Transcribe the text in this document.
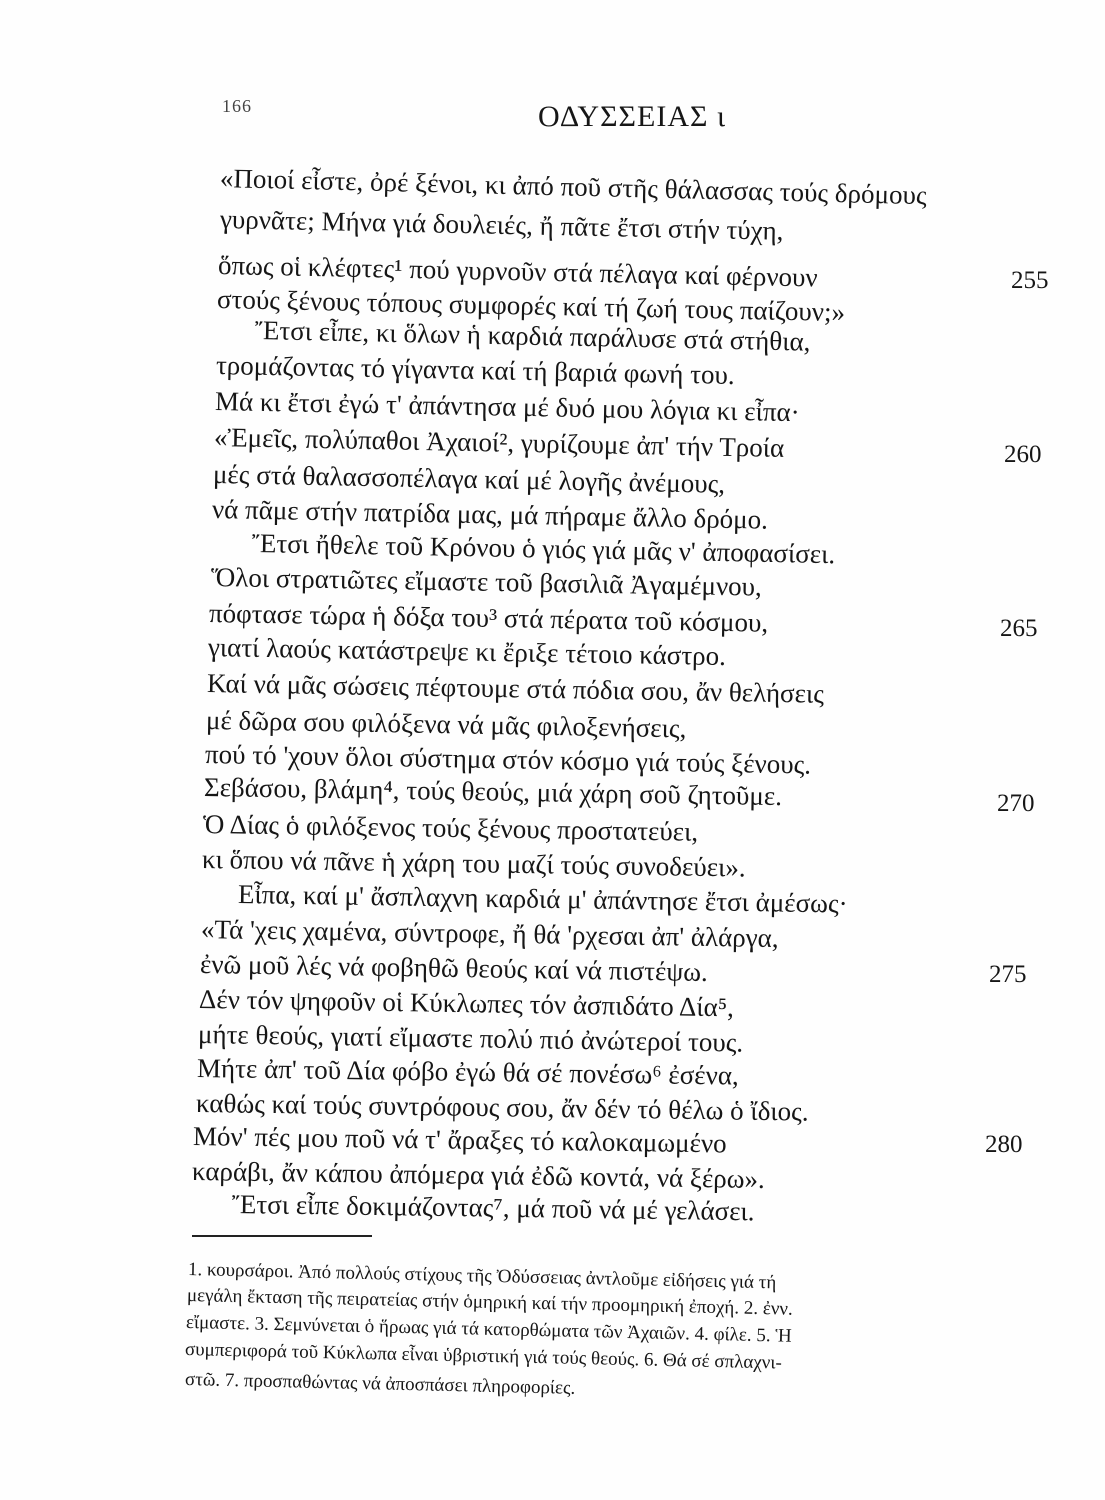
166	ΟΔΥΣΣΕΙΑΣ ι
«Ποιοί εἶστε, ὀρέ ξένοι, κι ἀπό ποῦ στῆς θάλασσας τούς δρόμους
γυρνᾶτε; Μήνα γιά δουλειές, ἤ πᾶτε ἔτσι στήν τύχη,
ὅπως οἱ κλέφτες¹ πού γυρνοῦν στά πέλαγα καί φέρνουν
στούς ξένους τόπους συμφορές καί τή ζωή τους παίζουν;»
Ἔτσι εἶπε, κι ὅλων ἡ καρδιά παράλυσε στά στήθια,
τρομάζοντας τό γίγαντα καί τή βαριά φωνή του.
Μά κι ἔτσι ἐγώ τ' ἀπάντησα μέ δυό μου λόγια κι εἶπα·
«Ἐμεῖς, πολύπαθοι Ἀχαιοί², γυρίζουμε ἀπ' τήν Τροία
μές στά θαλασσοπέλαγα καί μέ λογῆς ἀνέμους,
νά πᾶμε στήν πατρίδα μας, μά πήραμε ἄλλο δρόμο.
Ἔτσι ἤθελε τοῦ Κρόνου ὁ γιός γιά μᾶς ν' ἀποφασίσει.
Ὅλοι στρατιῶτες εἴμαστε τοῦ βασιλιᾶ Ἀγαμέμνου,
πόφτασε τώρα ἡ δόξα του³ στά πέρατα τοῦ κόσμου,
γιατί λαούς κατάστρεψε κι ἔριξε τέτοιο κάστρο.
Καί νά μᾶς σώσεις πέφτουμε στά πόδια σου, ἄν θελήσεις
μέ δῶρα σου φιλόξενα νά μᾶς φιλοξενήσεις,
πού τό 'χουν ὅλοι σύστημα στόν κόσμο γιά τούς ξένους.
Σεβάσου, βλάμη⁴, τούς θεούς, μιά χάρη σοῦ ζητοῦμε.
Ὁ Δίας ὁ φιλόξενος τούς ξένους προστατεύει,
κι ὅπου νά πᾶνε ἡ χάρη του μαζί τούς συνοδεύει».
Εἶπα, καί μ' ἄσπλαχνη καρδιά μ' ἀπάντησε ἔτσι ἀμέσως·
«Τά 'χεις χαμένα, σύντροφε, ἤ θά 'ρχεσαι ἀπ' ἀλάργα,
ἐνῶ μοῦ λές νά φοβηθῶ θεούς καί νά πιστέψω.
Δέν τόν ψηφοῦν οἱ Κύκλωπες τόν ἀσπιδάτο Δία⁵,
μήτε θεούς, γιατί εἴμαστε πολύ πιό ἀνώτεροί τους.
Μήτε ἀπ' τοῦ Δία φόβο ἐγώ θά σέ πονέσω⁶ ἐσένα,
καθώς καί τούς συντρόφους σου, ἄν δέν τό θέλω ὁ ἴδιος.
Μόν' πές μου ποῦ νά τ' ἄραξες τό καλοκαμωμένο
καράβι, ἄν κάπου ἀπόμερα γιά ἐδῶ κοντά, νά ξέρω».
Ἔτσι εἶπε δοκιμάζοντας⁷, μά ποῦ νά μέ γελάσει.
255
260
265
270
275
280
1. κουρσάροι. Ἀπό πολλούς στίχους τῆς Ὀδύσσειας ἀντλοῦμε εἰδήσεις γιά τή
μεγάλη ἔκταση τῆς πειρατείας στήν ὁμηρική καί τήν προομηρική ἐποχή. 2. ἐνν.
εἴμαστε. 3. Σεμνύνεται ὁ ἥρωας γιά τά κατορθώματα τῶν Ἀχαιῶν. 4. φίλε. 5. Ἡ
συμπεριφορά τοῦ Κύκλωπα εἶναι ὑβριστική γιά τούς θεούς. 6. Θά σέ σπλαχνι-
στῶ. 7. προσπαθώντας νά ἀποσπάσει πληροφορίες.
